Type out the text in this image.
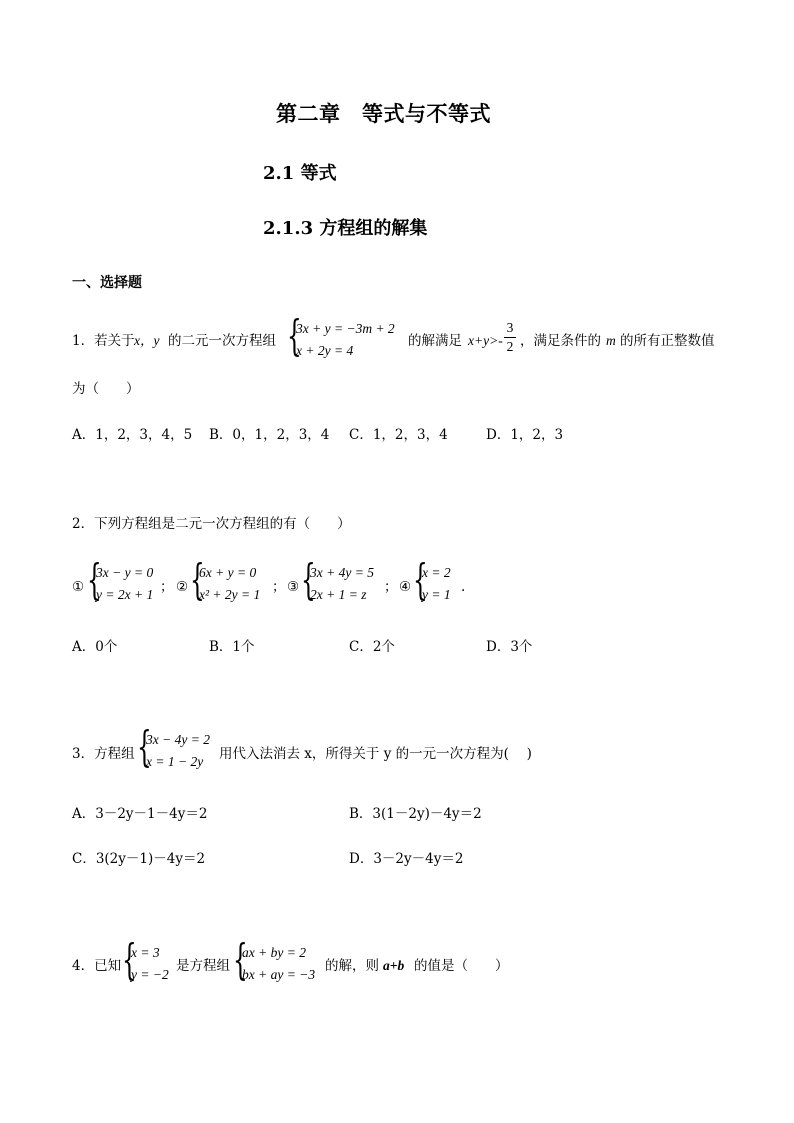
第二章　等式与不等式
2.1 等式
2.1.3 方程组的解集
一、选择题
1．若关于 x，y 的二元一次方程组 {
3x + y = −3m + 2
x + 2y = 4
的解满足 x+y>-
3
2 ，满足条件的 m 的所有正整数值
为（　　）
A．1，2，3，4，5 B．0，1，2，3，4 C．1，2，3，4	D．1，2，3
2．下列方程组是二元一次方程组的有（　　）
① {
3x − y = 0
y = 2x + 1 ； ② {
6x + y = 0
x² + 2y = 1 ； ③ {
3x + 4y = 5
2x + 1 = z ； ④ {
x = 2
y = 1 .
A．0个	B．1个	C．2个	D．3个
3．方程组 {
3x − 4y = 2
x = 1 − 2y 用代入法消去 x，所得关于 y 的一元一次方程为(　 )
A．3－2y－1－4y＝2	B．3(1－2y)－4y＝2
C．3(2y－1)－4y＝2	D．3－2y－4y＝2
4．已知 {
x = 3
y = −2
是方程组 {
ax + by = 2
bx + ay = −3
的解，则 a+b 的值是（　　）
